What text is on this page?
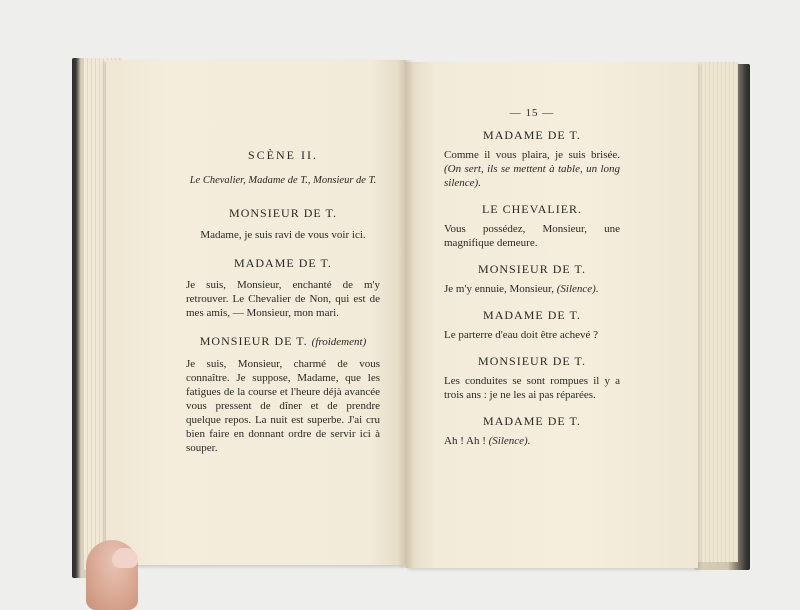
SCÈNE II.

Le Chevalier, Madame de T., Monsieur de T.

MONSIEUR DE T.

Madame, je suis ravi de vous voir ici.

MADAME DE T.

Je suis, Monsieur, enchanté de m'y retrouver. Le Chevalier de Non, qui est de mes amis, — Monsieur, mon mari.

MONSIEUR DE T. (froidement)

Je suis, Monsieur, charmé de vous connaître. Je suppose, Madame, que les fatigues de la course et l'heure déjà avancée vous pressent de dîner et de prendre quelque repos. La nuit est superbe. J'ai cru bien faire en donnant ordre de servir ici à souper.

— 15 —

MADAME DE T.

Comme il vous plaira, je suis brisée. (On sert, ils se mettent à table, un long silence).

LE CHEVALIER.

Vous possédez, Monsieur, une magnifique demeure.

MONSIEUR DE T.

Je m'y ennuie, Monsieur, (Silence).

MADAME DE T.

Le parterre d'eau doit être achevé ?

MONSIEUR DE T.

Les conduites se sont rompues il y a trois ans : je ne les ai pas réparées.

MADAME DE T.

Ah ! Ah ! (Silence).
